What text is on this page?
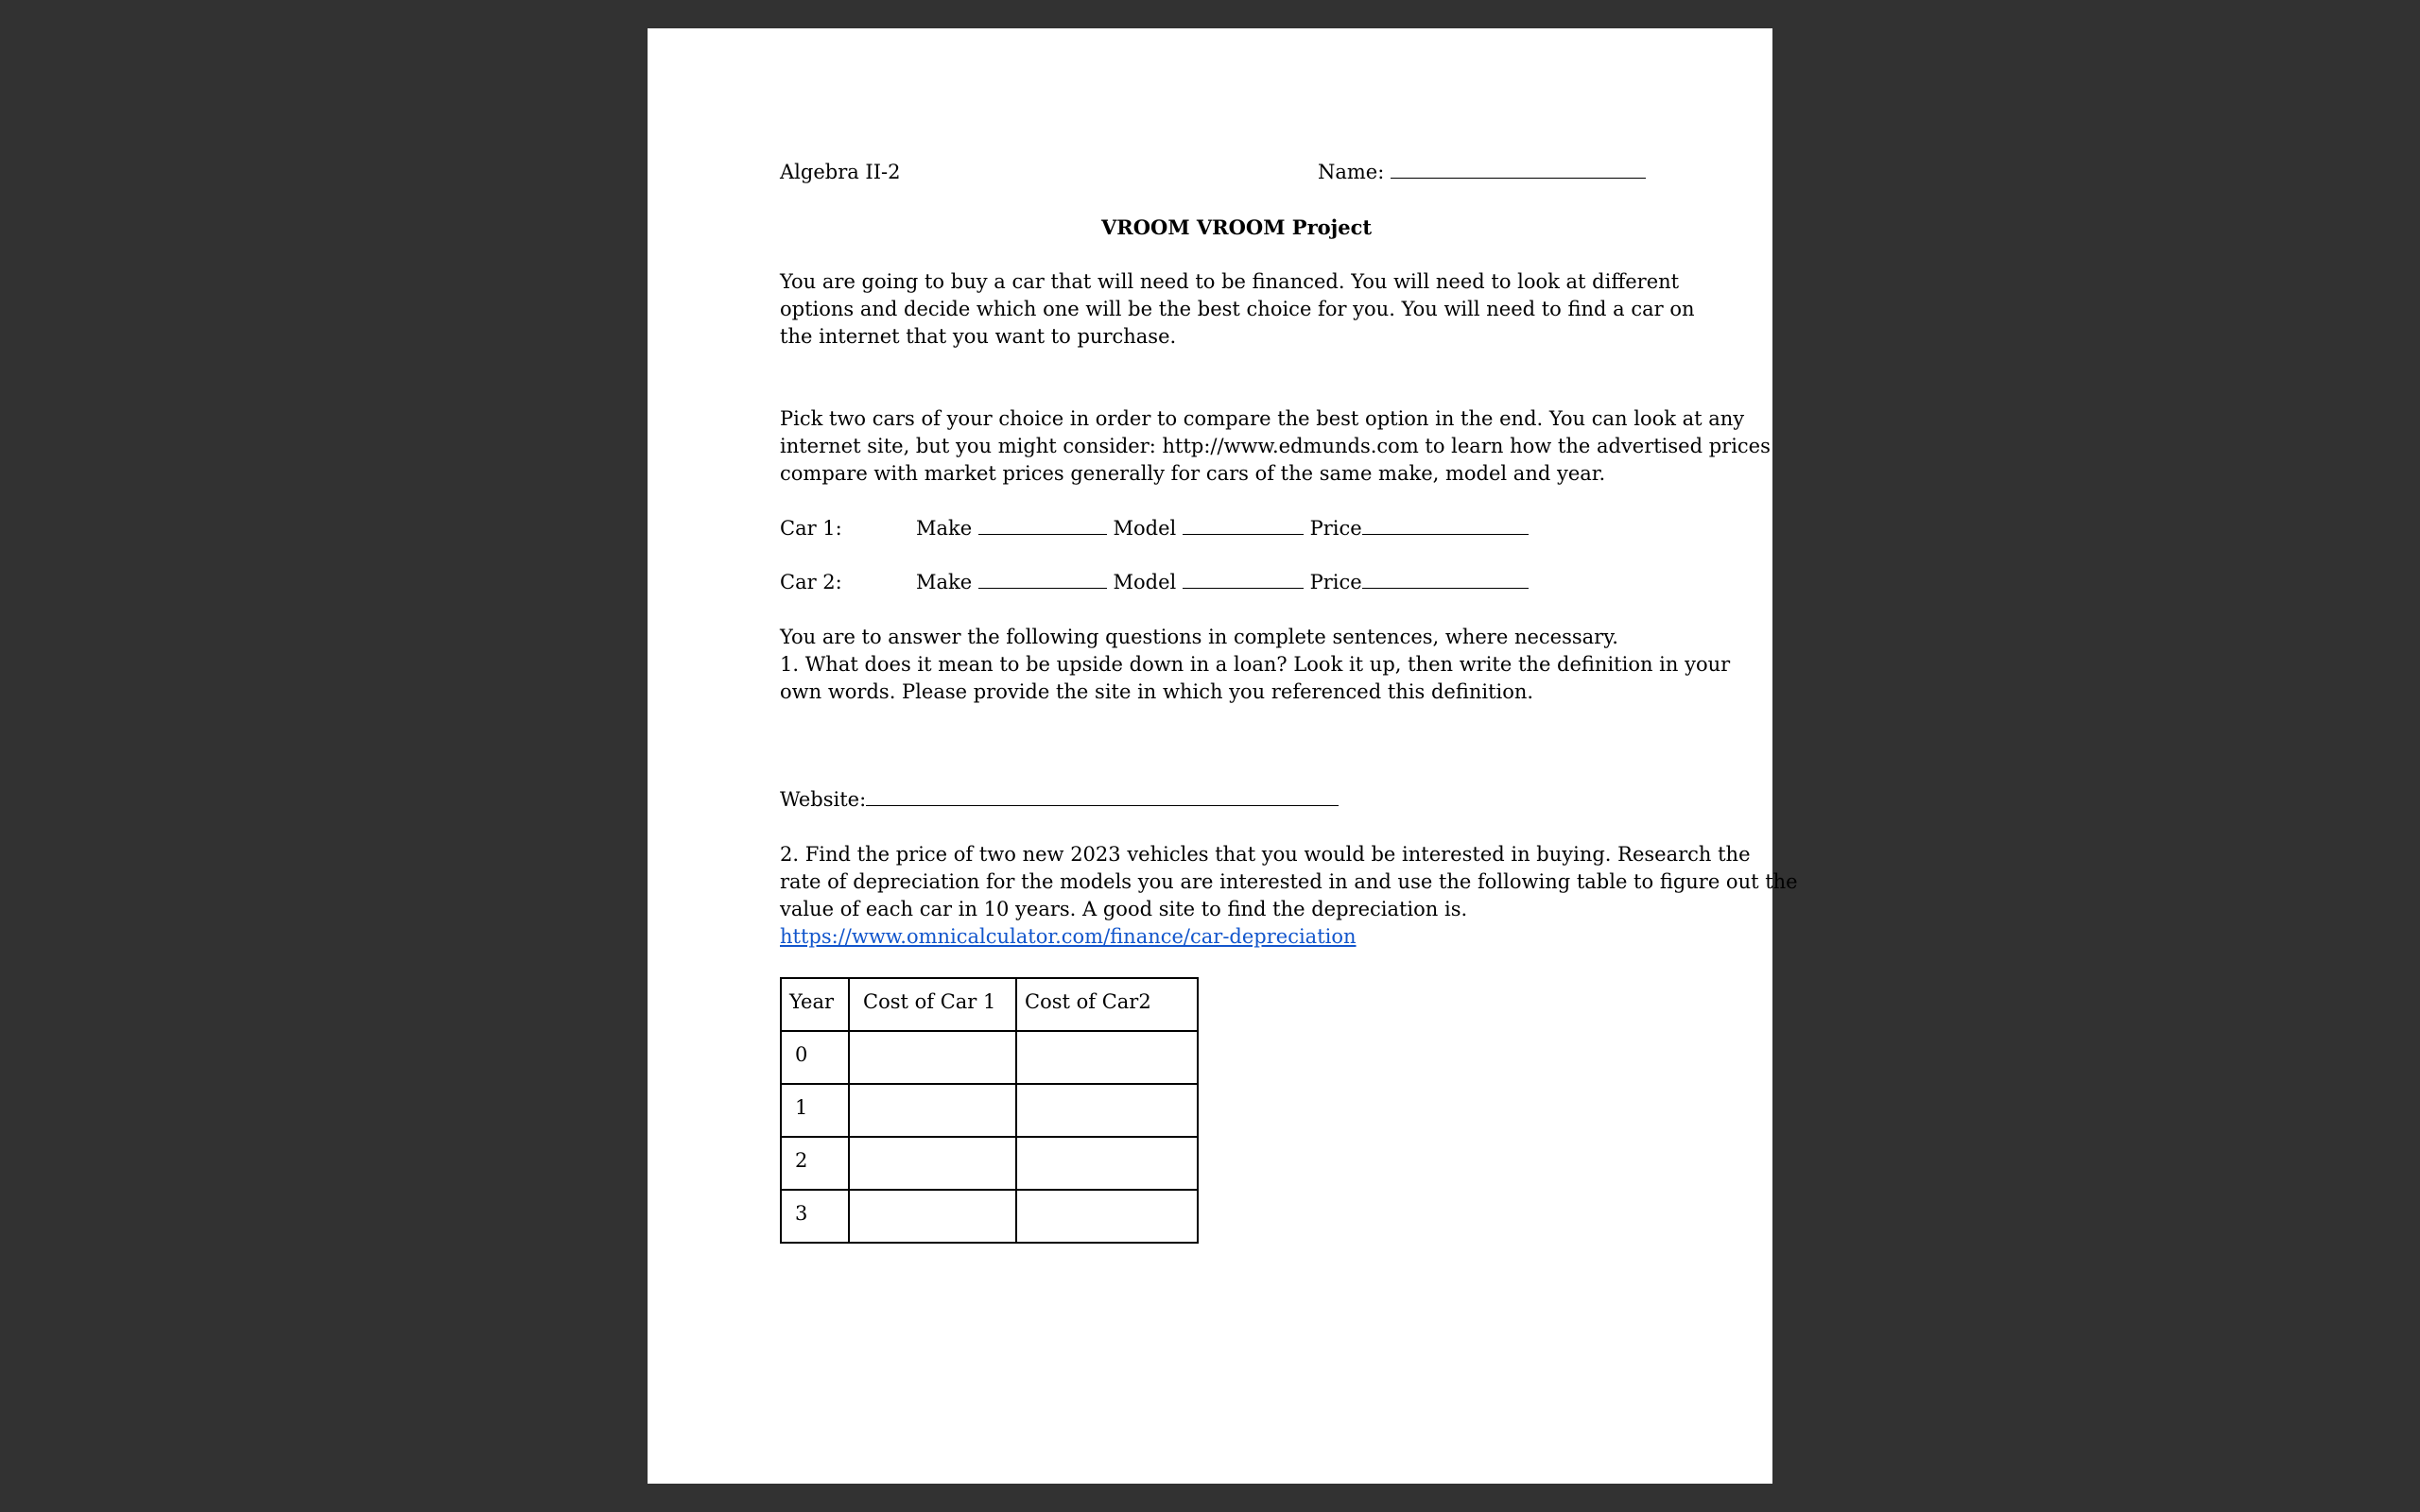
Algebra II-2	Name:
VROOM VROOM Project
You are going to buy a car that will need to be financed. You will need to look at different
options and decide which one will be the best choice for you. You will need to find a car on
the internet that you want to purchase.
Pick two cars of your choice in order to compare the best option in the end. You can look at any
internet site, but you might consider: http://www.edmunds.com to learn how the advertised prices
compare with market prices generally for cars of the same make, model and year.
Car 1:	Make	Model	Price
Car 2:	Make	Model	Price
You are to answer the following questions in complete sentences, where necessary.
1. What does it mean to be upside down in a loan? Look it up, then write the definition in your
own words. Please provide the site in which you referenced this definition.
Website:
2. Find the price of two new 2023 vehicles that you would be interested in buying. Research the
rate of depreciation for the models you are interested in and use the following table to figure out the
value of each car in 10 years. A good site to find the depreciation is.
https://www.omnicalculator.com/finance/car-depreciation
Year	Cost of Car 1	Cost of Car2
0		
1		
2		
3		
